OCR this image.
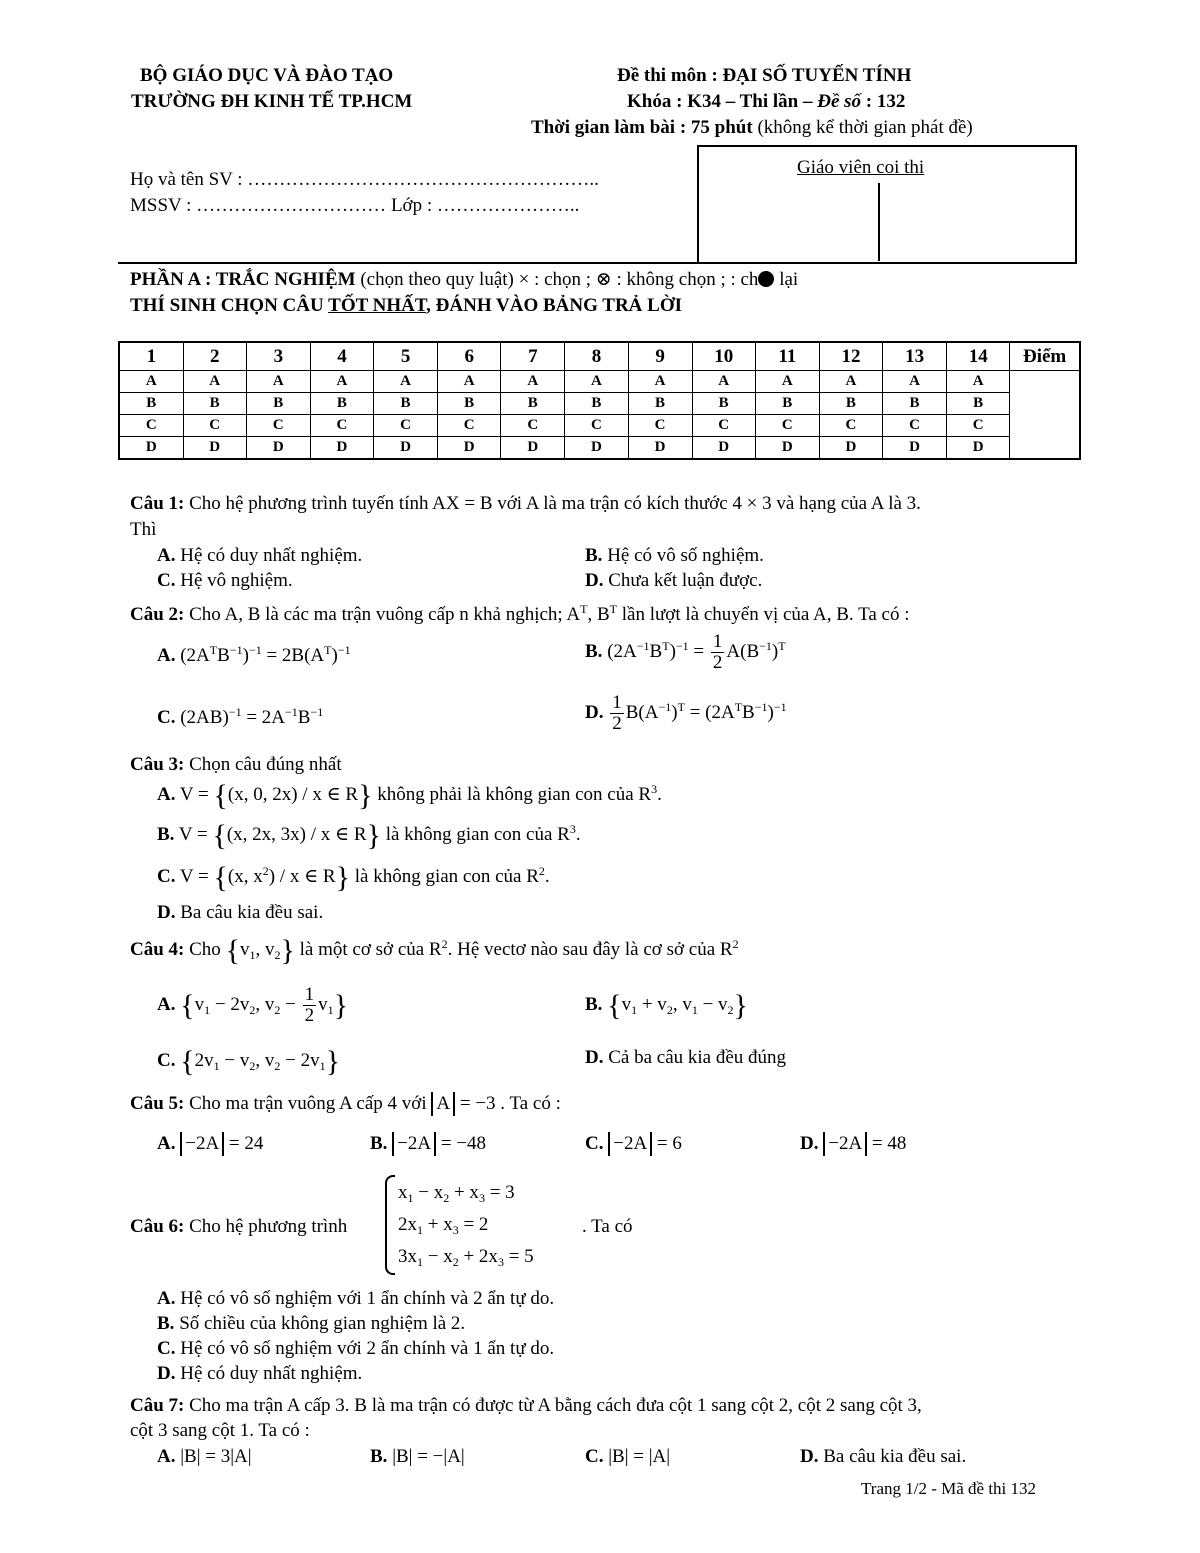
BỘ GIÁO DỤC VÀ ĐÀO TẠO
TRƯỜNG ĐH KINH TẾ TP.HCM
Đề thi môn : ĐẠI SỐ TUYẾN TÍNH
Khóa : K34 – Thi lần – Đề số : 132
Thời gian làm bài : 75 phút (không kể thời gian phát đề)
Họ và tên SV : ………………………………………………..
MSSV : ………………………… Lớp : …………………..
Giáo viên coi thi
PHẦN A : TRẮC NGHIỆM (chọn theo quy luật) × : chọn ; ⊗ : không chọn ; : ch lại
THÍ SINH CHỌN CÂU TỐT NHẤT, ĐÁNH VÀO BẢNG TRẢ LỜI
1	2	3	4	5	6	7	8	9	10	11	12	13	14	Điểm
A	A	A	A	A	A	A	A	A	A	A	A	A	A	
B	B	B	B	B	B	B	B	B	B	B	B	B	B	
C	C	C	C	C	C	C	C	C	C	C	C	C	C	
D	D	D	D	D	D	D	D	D	D	D	D	D	D	
Câu 1: Cho hệ phương trình tuyến tính AX = B với A là ma trận có kích thước 4 × 3 và hạng của A là 3.
Thì
A. Hệ có duy nhất nghiệm.	B. Hệ có vô số nghiệm.
C. Hệ vô nghiệm.	D. Chưa kết luận được.
Câu 2: Cho A, B là các ma trận vuông cấp n khả nghịch; $A^T$, $B^T$ lần lượt là chuyển vị của A, B. Ta có :
A. $(2A^TB^{-1})^{-1} = 2B(A^T)^{-1}$	B. $(2A^{-1}B^T)^{-1} = \frac{1}{2} A(B^{-1})^T$
C. $(2AB)^{-1} = 2A^{-1}B^{-1}$	D. $\frac{1}{2} B(A^{-1})^T = (2A^TB^{-1})^{-1}$
Câu 3: Chọn câu đúng nhất
A. V = {(x, 0, 2x) / x ∈ R} không phải là không gian con của $R^3$.
B. V = {(x, 2x, 3x) / x ∈ R} là không gian con của $R^3$.
C. V = {(x, $x^2$) / x ∈ R} là không gian con của $R^2$.
D. Ba câu kia đều sai.
Câu 4: Cho {$v_1$, $v_2$} là một cơ sở của $R^2$. Hệ vectơ nào sau đây là cơ sở của $R^2$
A. {$v_1 - 2v_2$, $v_2 - \frac{1}{2} v_1$}	B. {$v_1 + v_2$, $v_1 - v_2$}
C. {$2v_1 - v_2$, $v_2 - 2v_1$}	D. Cả ba câu kia đều đúng
Câu 5: Cho ma trận vuông A cấp 4 với A = −3 . Ta có :
A. −2A = 24	B. −2A = −48	C. −2A = 6	D. −2A = 48
Câu 6: Cho hệ phương trình
$x_1 - x_2 + x_3 = 3$
$2x_1 + x_3 = 2$
$3x_1 - x_2 + 2x_3 = 5$
. Ta có
A. Hệ có vô số nghiệm với 1 ẩn chính và 2 ẩn tự do.
B. Số chiều của không gian nghiệm là 2.
C. Hệ có vô số nghiệm với 2 ẩn chính và 1 ẩn tự do.
D. Hệ có duy nhất nghiệm.
Câu 7: Cho ma trận A cấp 3. B là ma trận có được từ A bằng cách đưa cột 1 sang cột 2, cột 2 sang cột 3,
cột 3 sang cột 1. Ta có :
A. |B| = 3|A|	B. |B| = −|A|	C. |B| = |A|	D. Ba câu kia đều sai.
Trang 1/2 - Mã đề thi 132
